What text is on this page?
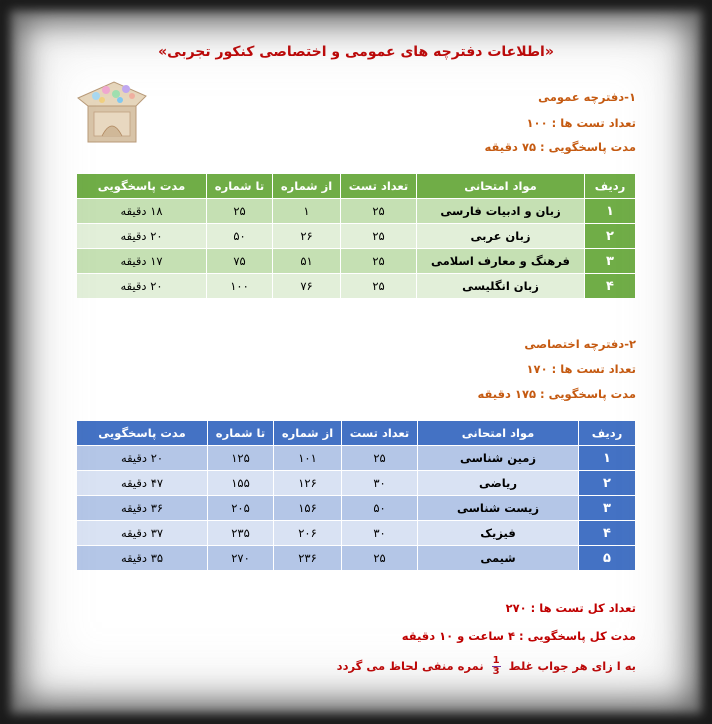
«اطلاعات دفترچه های عمومی و اختصاصی کنکور تجربی»
۱-دفترچه عمومی
تعداد تست ها : ۱۰۰
مدت پاسخگویی : ۷۵ دقیقه
ردیف	مواد امتحانی	تعداد تست	از شماره	تا شماره	مدت پاسخگویی
۱	زبان و ادبیات فارسی	۲۵	۱	۲۵	۱۸ دقیقه
۲	زبان عربی	۲۵	۲۶	۵۰	۲۰ دقیقه
۳	فرهنگ و معارف اسلامی	۲۵	۵۱	۷۵	۱۷ دقیقه
۴	زبان انگلیسی	۲۵	۷۶	۱۰۰	۲۰ دقیقه
۲-دفترچه اختصاصی
تعداد تست ها : ۱۷۰
مدت پاسخگویی : ۱۷۵ دقیقه
ردیف	مواد امتحانی	تعداد تست	از شماره	تا شماره	مدت پاسخگویی
۱	زمین شناسی	۲۵	۱۰۱	۱۲۵	۲۰ دقیقه
۲	ریاضی	۳۰	۱۲۶	۱۵۵	۴۷ دقیقه
۳	زیست شناسی	۵۰	۱۵۶	۲۰۵	۳۶ دقیقه
۴	فیزیک	۳۰	۲۰۶	۲۳۵	۳۷ دقیقه
۵	شیمی	۲۵	۲۳۶	۲۷۰	۳۵ دقیقه
تعداد کل تست ها : ۲۷۰
مدت کل پاسخگویی : ۴ ساعت و ۱۰ دقیقه
به ا زای هر جواب غلط
$\frac{1}{3}$
نمره منفی لحاظ می گردد
